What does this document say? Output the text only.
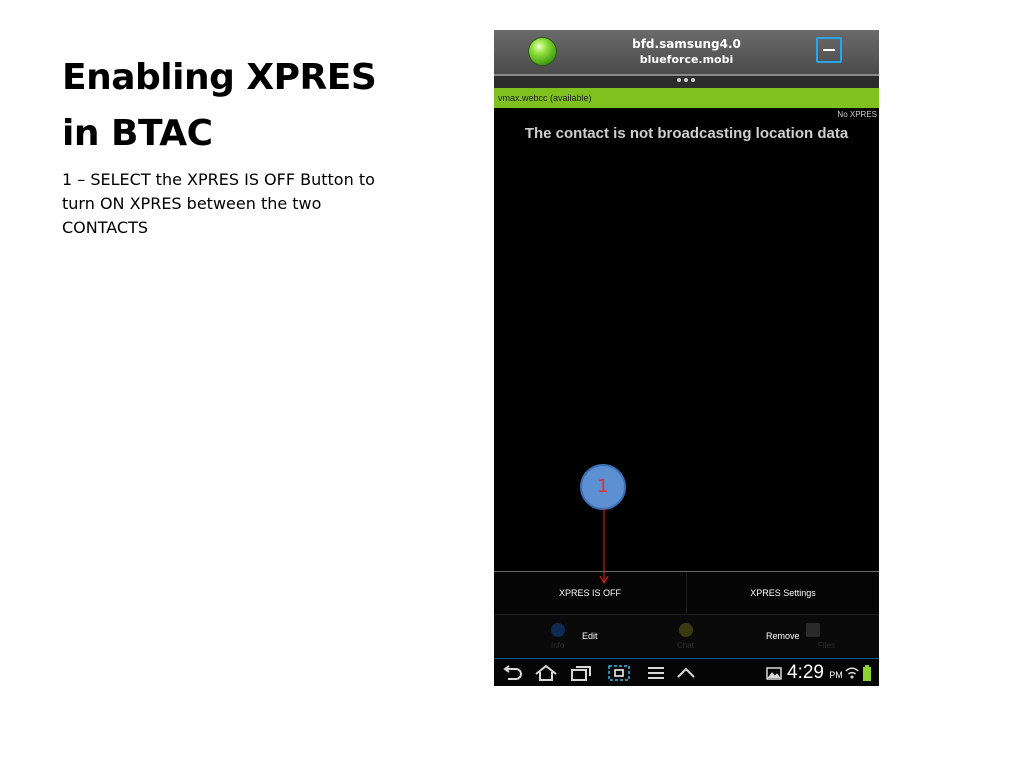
Enabling XPRES
in BTAC
1 – SELECT the XPRES IS OFF Button to turn ON XPRES between the two CONTACTS
bfd.samsung4.0
blueforce.mobi
vmax.webcc (available)
No XPRES
The contact is not broadcasting location data
XPRES IS OFF	XPRES Settings
Info
Edit
Chat
Remove
Files
1
4:29 PM
